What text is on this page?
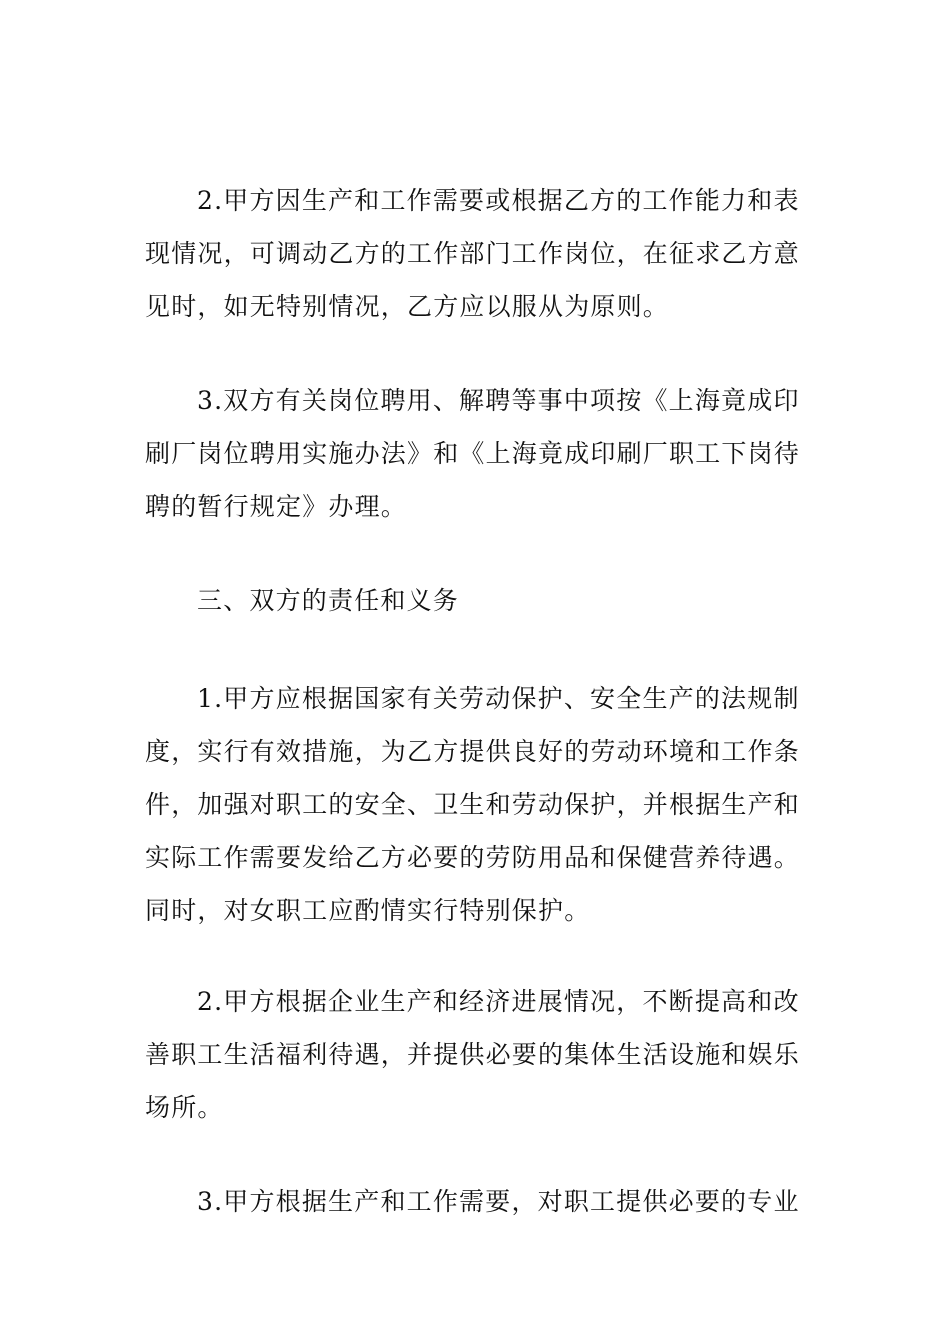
2.甲方因生产和工作需要或根据乙方的工作能力和表
现情况，可调动乙方的工作部门工作岗位，在征求乙方意
见时，如无特别情况，乙方应以服从为原则。

3.双方有关岗位聘用、解聘等事中项按《上海竟成印
刷厂岗位聘用实施办法》和《上海竟成印刷厂职工下岗待
聘的暂行规定》办理。

三、双方的责任和义务

1.甲方应根据国家有关劳动保护、安全生产的法规制
度，实行有效措施，为乙方提供良好的劳动环境和工作条
件，加强对职工的安全、卫生和劳动保护，并根据生产和
实际工作需要发给乙方必要的劳防用品和保健营养待遇。
同时，对女职工应酌情实行特别保护。

2.甲方根据企业生产和经济进展情况，不断提高和改
善职工生活福利待遇，并提供必要的集体生活设施和娱乐
场所。

3.甲方根据生产和工作需要，对职工提供必要的专业
